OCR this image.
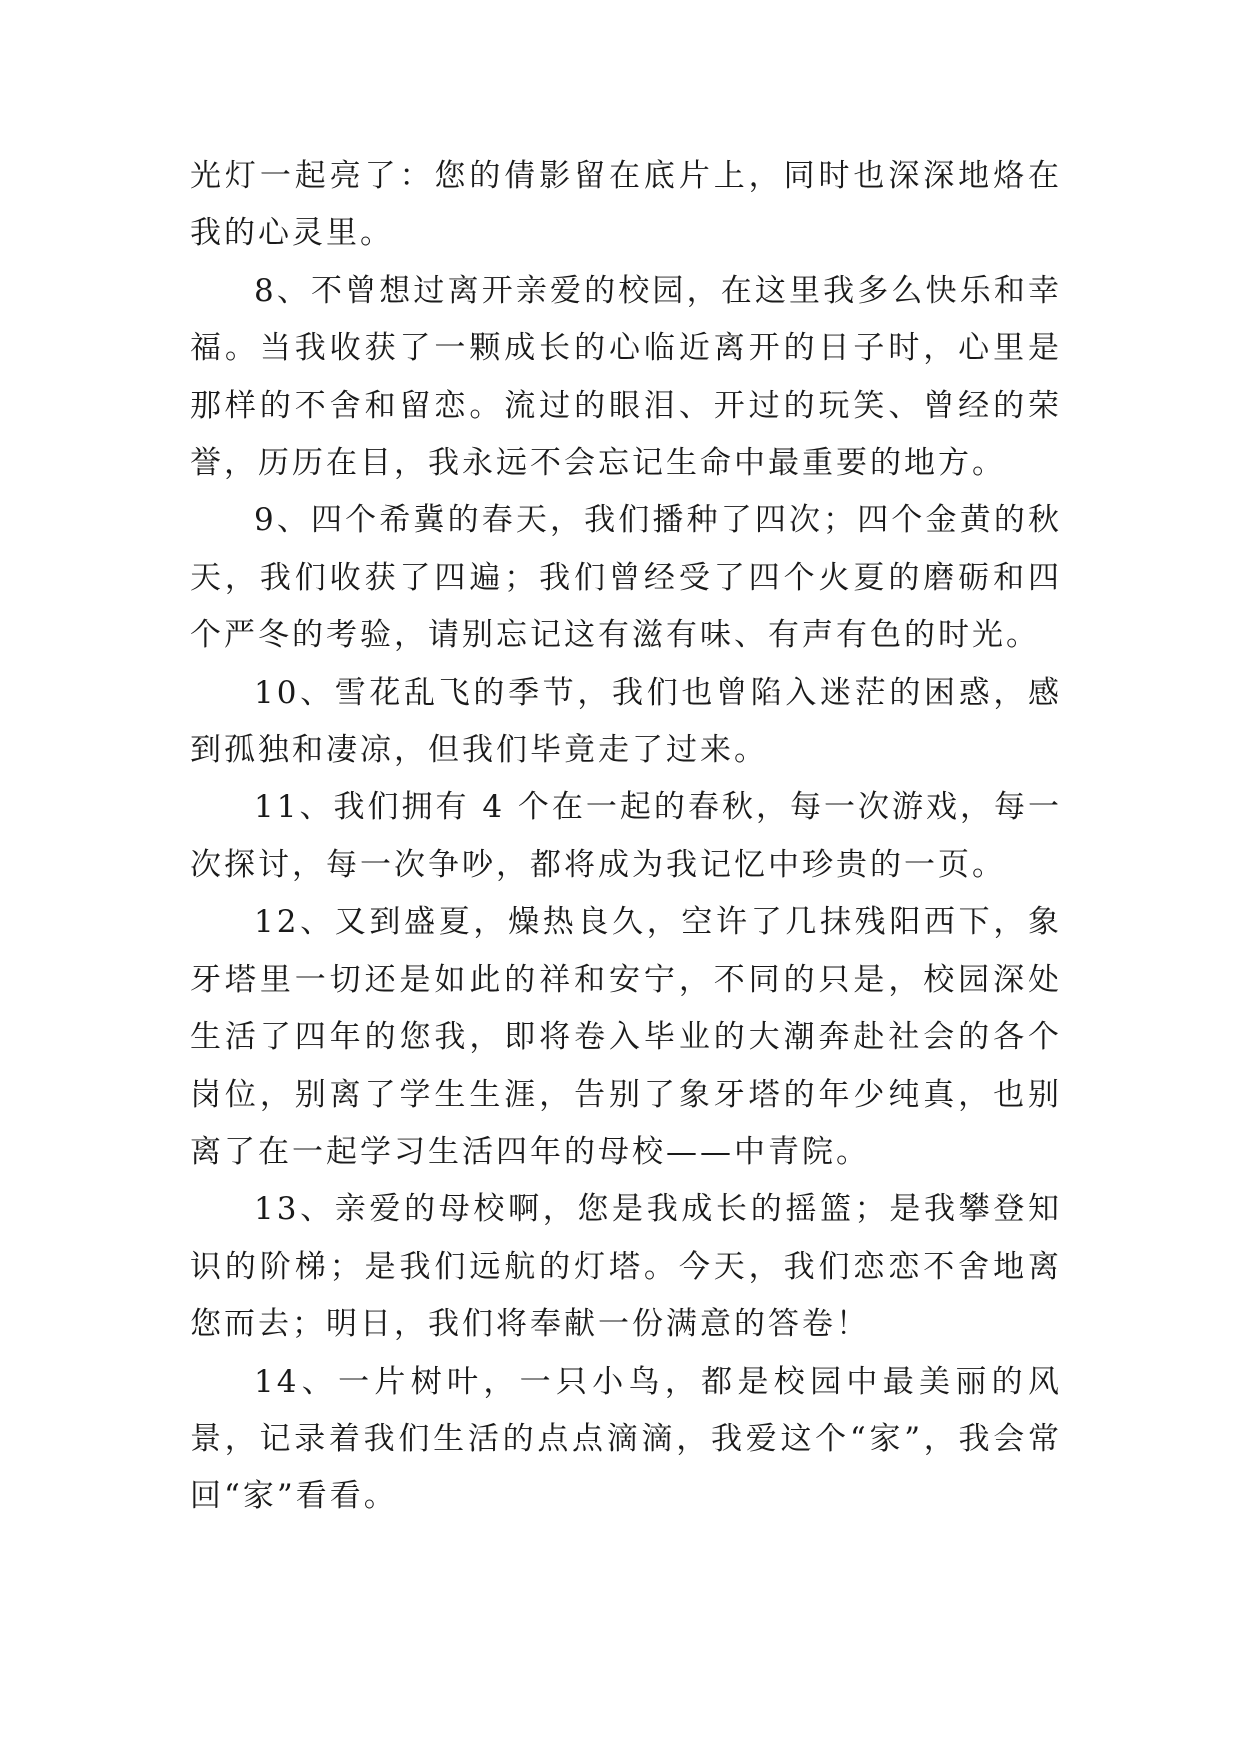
光灯一起亮了：您的倩影留在底片上，同时也深深地烙在我的心灵里。

8、不曾想过离开亲爱的校园，在这里我多么快乐和幸福。当我收获了一颗成长的心临近离开的日子时，心里是那样的不舍和留恋。流过的眼泪、开过的玩笑、曾经的荣誉，历历在目，我永远不会忘记生命中最重要的地方。

9、四个希冀的春天，我们播种了四次；四个金黄的秋天，我们收获了四遍；我们曾经受了四个火夏的磨砺和四个严冬的考验，请别忘记这有滋有味、有声有色的时光。

10、雪花乱飞的季节，我们也曾陷入迷茫的困惑，感到孤独和凄凉，但我们毕竟走了过来。

11、我们拥有 4 个在一起的春秋，每一次游戏，每一次探讨，每一次争吵，都将成为我记忆中珍贵的一页。

12、又到盛夏，燥热良久，空许了几抹残阳西下，象牙塔里一切还是如此的祥和安宁，不同的只是，校园深处生活了四年的您我，即将卷入毕业的大潮奔赴社会的各个岗位，别离了学生生涯，告别了象牙塔的年少纯真，也别离了在一起学习生活四年的母校——中青院。

13、亲爱的母校啊，您是我成长的摇篮；是我攀登知识的阶梯；是我们远航的灯塔。今天，我们恋恋不舍地离您而去；明日，我们将奉献一份满意的答卷！

14、一片树叶，一只小鸟，都是校园中最美丽的风景，记录着我们生活的点点滴滴，我爱这个“家”，我会常回“家”看看。
